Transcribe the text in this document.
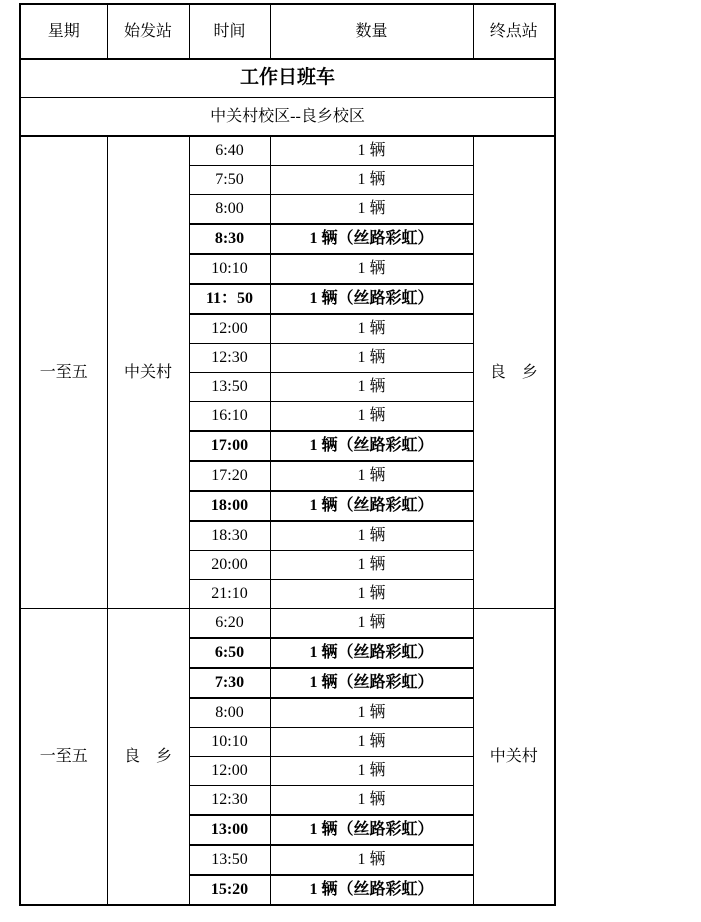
星期	始发站	时间	数量	终点站
工作日班车				
中关村校区--良乡校区				
一至五	中关村	6:40	1 辆	良　乡
		7:50	1 辆	
		8:00	1 辆	
		8:30	1 辆（丝路彩虹）	
		10:10	1 辆	
		11：50	1 辆（丝路彩虹）	
		12:00	1 辆	
		12:30	1 辆	
		13:50	1 辆	
		16:10	1 辆	
		17:00	1 辆（丝路彩虹）	
		17:20	1 辆	
		18:00	1 辆（丝路彩虹）	
		18:30	1 辆	
		20:00	1 辆	
		21:10	1 辆	
一至五	良　乡	6:20	1 辆	中关村
		6:50	1 辆（丝路彩虹）	
		7:30	1 辆（丝路彩虹）	
		8:00	1 辆	
		10:10	1 辆	
		12:00	1 辆	
		12:30	1 辆	
		13:00	1 辆（丝路彩虹）	
		13:50	1 辆	
		15:20	1 辆（丝路彩虹）	
